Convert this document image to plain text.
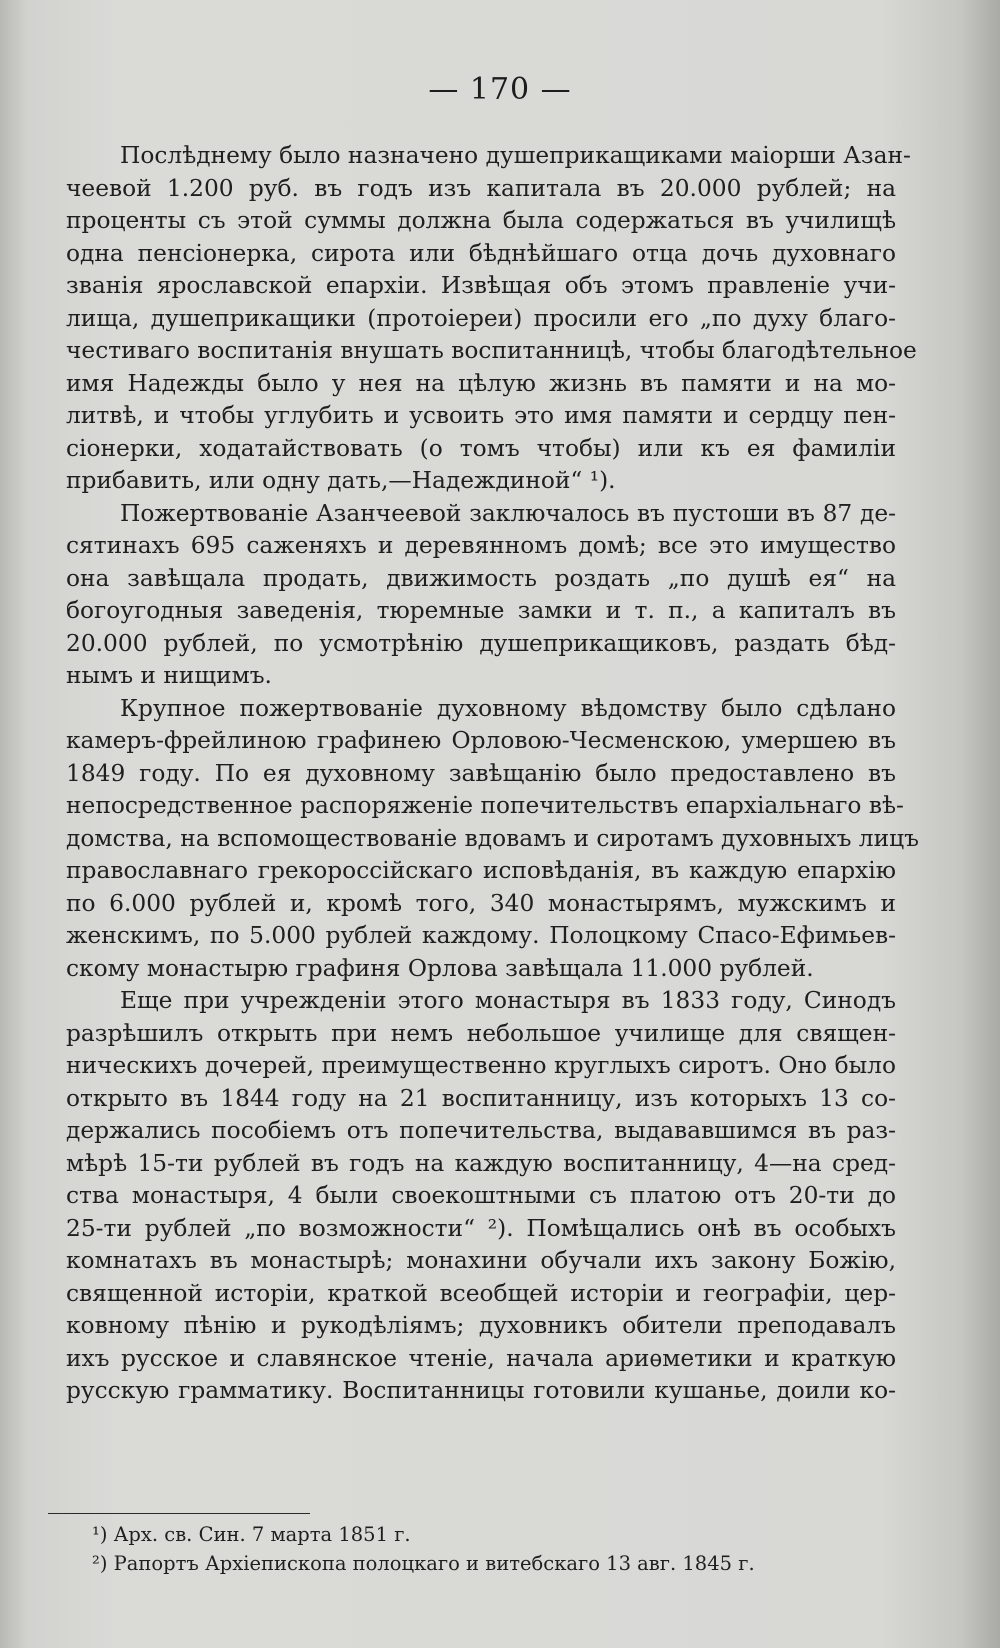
— 170 —
Послѣднему было назначено душеприкащиками маiорши Азан-
чеевой 1.200 руб. въ годъ изъ капитала въ 20.000 рублей; на
проценты съ этой суммы должна была содержаться въ училищѣ
одна пенсiонерка, сирота или бѣднѣйшаго отца дочь духовнаго
званiя ярославской епархiи. Извѣщая объ этомъ правленiе учи-
лища, душеприкащики (протоiереи) просили его „по духу благо-
честиваго воспитанiя внушать воспитанницѣ, чтобы благодѣтельное
имя Надежды было у нея на цѣлую жизнь въ памяти и на мо-
литвѣ, и чтобы углубить и усвоить это имя памяти и сердцу пен-
сiонерки, ходатайствовать (о томъ чтобы) или къ ея фамилiи
прибавить, или одну дать,—Надеждиной“ ¹).
Пожертвованiе Азанчеевой заключалось въ пустоши въ 87 де-
сятинахъ 695 саженяхъ и деревянномъ домѣ; все это имущество
она завѣщала продать, движимость роздать „по душѣ ея“ на
богоугодныя заведенiя, тюремные замки и т. п., а капиталъ въ
20.000 рублей, по усмотрѣнiю душеприкащиковъ, раздать бѣд-
нымъ и нищимъ.
Крупное пожертвованiе духовному вѣдомству было сдѣлано
камеръ-фрейлиною графинею Орловою-Чесменскою, умершею въ
1849 году. По ея духовному завѣщанiю было предоставлено въ
непосредственное распоряженiе попечительствъ епархiальнаго вѣ-
домства, на вспомоществованiе вдовамъ и сиротамъ духовныхъ лицъ
православнаго грекороссiйскаго исповѣданiя, въ каждую епархiю
по 6.000 рублей и, кромѣ того, 340 монастырямъ, мужскимъ и
женскимъ, по 5.000 рублей каждому. Полоцкому Спасо-Ефимьев-
скому монастырю графиня Орлова завѣщала 11.000 рублей.
Еще при учрежденiи этого монастыря въ 1833 году, Синодъ
разрѣшилъ открыть при немъ небольшое училище для священ-
ническихъ дочерей, преимущественно круглыхъ сиротъ. Оно было
открыто въ 1844 году на 21 воспитанницу, изъ которыхъ 13 со-
держались пособiемъ отъ попечительства, выдававшимся въ раз-
мѣрѣ 15-ти рублей въ годъ на каждую воспитанницу, 4—на сред-
ства монастыря, 4 были своекоштными съ платою отъ 20-ти до
25-ти рублей „по возможности“ ²). Помѣщались онѣ въ особыхъ
комнатахъ въ монастырѣ; монахини обучали ихъ закону Божiю,
священной исторiи, краткой всеобщей исторiи и географiи, цер-
ковному пѣнiю и рукодѣлiямъ; духовникъ обители преподавалъ
ихъ русское и славянское чтенiе, начала ариѳметики и краткую
русскую грамматику. Воспитанницы готовили кушанье, доили ко-
¹) Арх. св. Син. 7 марта 1851 г.
²) Рапортъ Архiепископа полоцкаго и витебскаго 13 авг. 1845 г.
